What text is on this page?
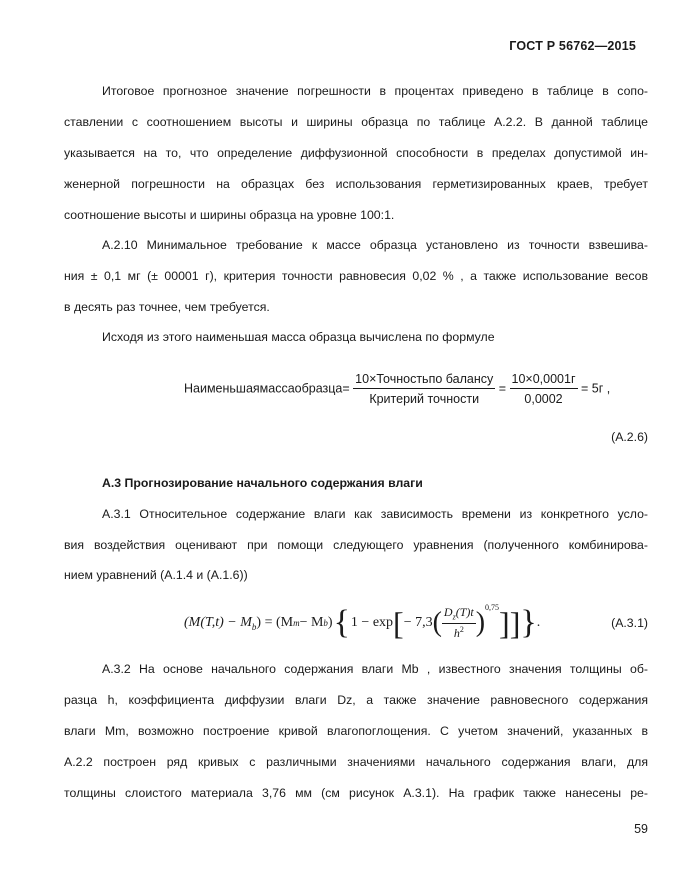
ГОСТ Р 56762—2015
Итоговое прогнозное значение погрешности в процентах приведено в таблице в сопо-
ставлении с соотношением высоты и ширины образца по таблице А.2.2. В данной таблице
указывается на то, что определение диффузионной способности в пределах допустимой ин-
женерной погрешности на образцах без использования герметизированных краев, требует
соотношение высоты и ширины образца на уровне 100:1.
А.2.10 Минимальное требование к массе образца установлено из точности взвешива-
ния ± 0,1 мг (± 00001 г), критерия точности равновесия 0,02 % , а также использование весов
в десять раз точнее, чем требуется.
Исходя из этого наименьшая масса образца вычислена по формуле
Наименьшаямассаобразца= $\frac{\text{10×Точностьпо балансу}}{\text{Критерий точности}} = \frac{10\times 0,0001г}{0,0002} = 5г$ ,
(A.2.6)
А.3 Прогнозирование начального содержания влаги
А.3.1 Относительное содержание влаги как зависимость времени из конкретного усло-
вия воздействия оценивают при помощи следующего уравнения (полученного комбинирова-
нием уравнений (А.1.4 и (А.1.6))
($M(T,t) - M_b$ ) = (M m − M b ) { 1 − exp [ − 7,3 ( $\frac{D_z(T)t}{h^2} )^{0,75}$ ]] } .	(A.3.1)
А.3.2 На основе начального содержания влаги Mb , известного значения толщины об-
разца h, коэффициента диффузии влаги Dz, а также значение равновесного содержания
влаги Mm, возможно построение кривой влагопоглощения. С учетом значений, указанных в
А.2.2 построен ряд кривых с различными значениями начального содержания влаги, для
толщины слоистого материала 3,76 мм (см рисунок А.3.1). На график также нанесены ре-
59
